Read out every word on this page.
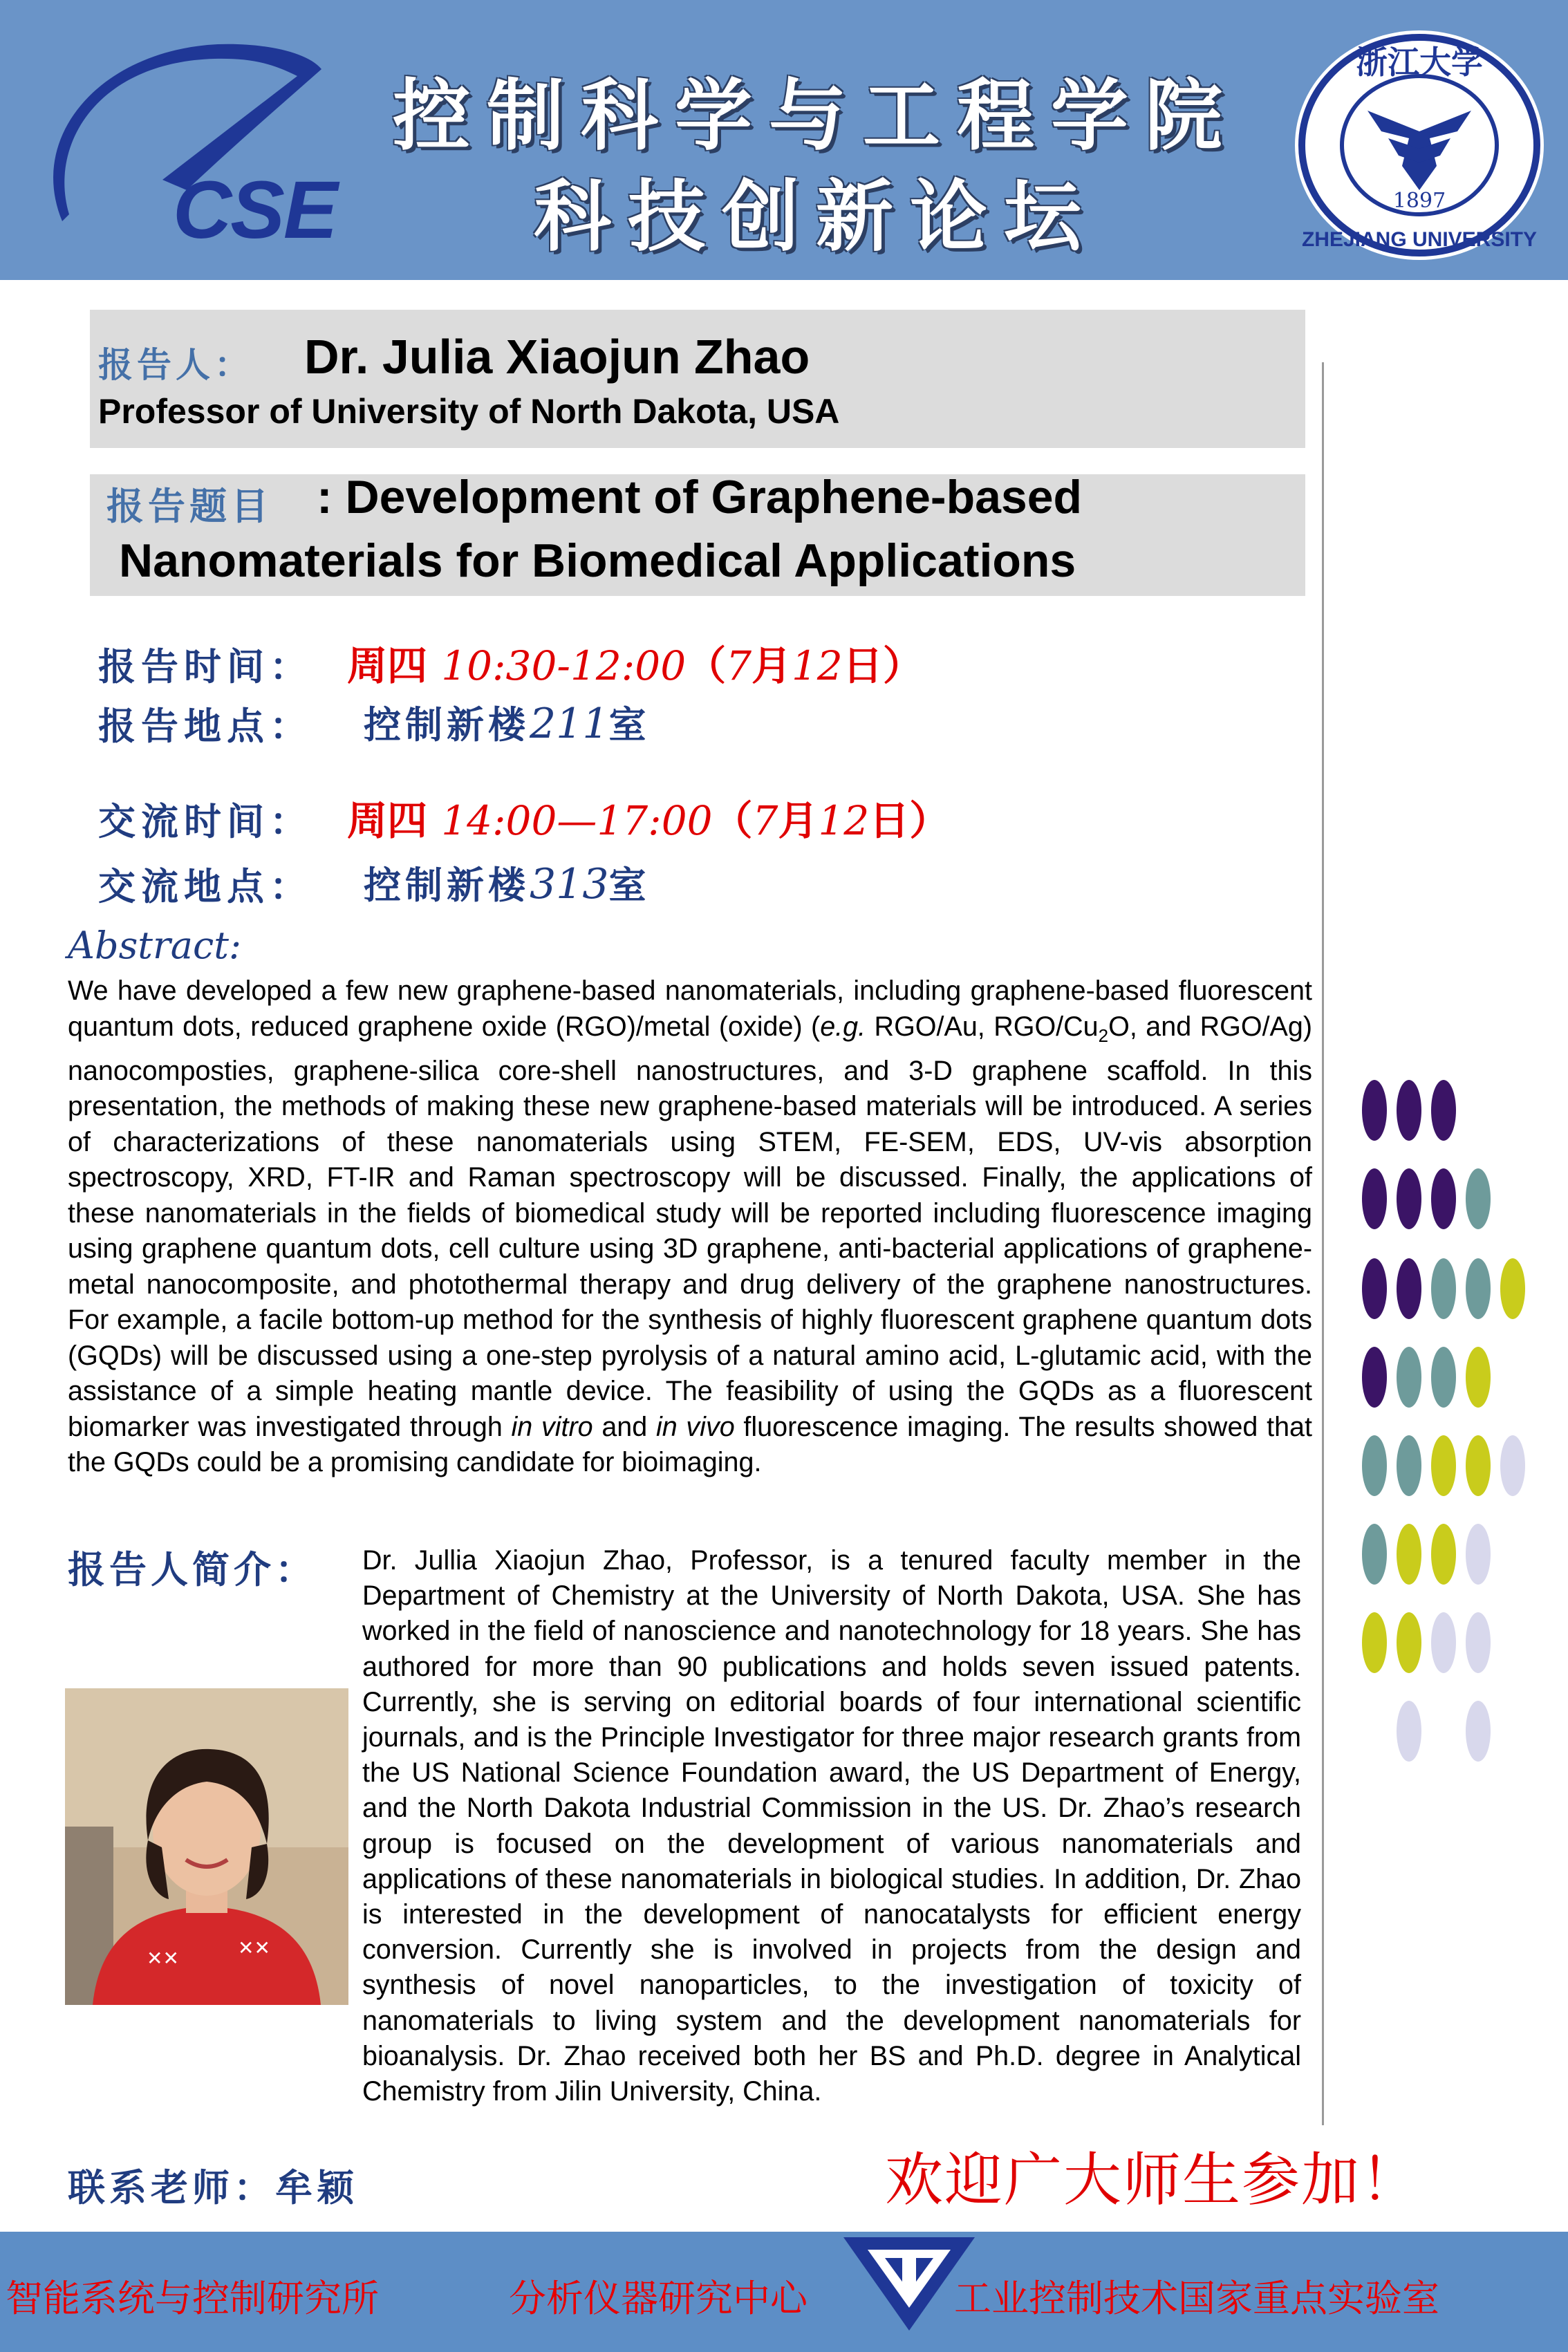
CSE
控制科学与工程学院
科技创新论坛	1897
浙江大学
ZHEJIANG UNIVERSITY
报告人： Dr. Julia Xiaojun Zhao
Professor of University of North Dakota, USA
报告题目 : Development of Graphene-based
Nanomaterials for Biomedical Applications
报告时间： 周四 10:30-12:00（7月12日）
报告地点： 控制新楼211室
交流时间： 周四 14:00—17:00（7月12日）
交流地点： 控制新楼313室
Abstract:
We have developed a few new graphene-based nanomaterials, including graphene-based fluorescent quantum dots, reduced graphene oxide (RGO)/metal (oxide) (e.g. RGO/Au, RGO/$Cu_2O$, and RGO/Ag) nanocomposties, graphene-silica core-shell nanostructures, and 3-D graphene scaffold. In this presentation, the methods of making these new graphene-based materials will be introduced. A series of characterizations of these nanomaterials using STEM, FE-SEM, EDS, UV-vis absorption spectroscopy, XRD, FT-IR and Raman spectroscopy will be discussed. Finally, the applications of these nanomaterials in the fields of biomedical study will be reported including fluorescence imaging using graphene quantum dots, cell culture using 3D graphene, anti-bacterial applications of graphene-metal nanocomposite, and photothermal therapy and drug delivery of the graphene nanostructures. For example, a facile bottom-up method for the synthesis of highly fluorescent graphene quantum dots (GQDs) will be discussed using a one-step pyrolysis of a natural amino acid, L-glutamic acid, with the assistance of a simple heating mantle device. The feasibility of using the GQDs as a fluorescent biomarker was investigated through in vitro and in vivo fluorescence imaging. The results showed that the GQDs could be a promising candidate for bioimaging.
报告人简介： Dr. Jullia Xiaojun Zhao, Professor, is a tenured faculty member in the Department of Chemistry at the University of North Dakota, USA. She has worked in the field of nanoscience and nanotechnology for 18 years. She has authored for more than 90 publications and holds seven issued patents. Currently, she is serving on editorial boards of four international scientific journals, and is the Principle Investigator for three major research grants from the US National Science Foundation award, the US Department of Energy, and the North Dakota Industrial Commission in the US. Dr. Zhao’s research group is focused on the development of various nanomaterials and applications of these nanomaterials in biological studies. In addition, Dr. Zhao is interested in the development of nanocatalysts for efficient energy conversion. Currently she is involved in projects from the design and synthesis of novel nanoparticles, to the investigation of toxicity of nanomaterials to living system and the development nanomaterials for bioanalysis. Dr. Zhao received both her BS and Ph.D. degree in Analytical Chemistry from Jilin University, China.
✕✕	✕✕
联系老师：牟颖	欢迎广大师生参加！
智能系统与控制研究所	分析仪器研究中心	工业控制技术国家重点实验室
